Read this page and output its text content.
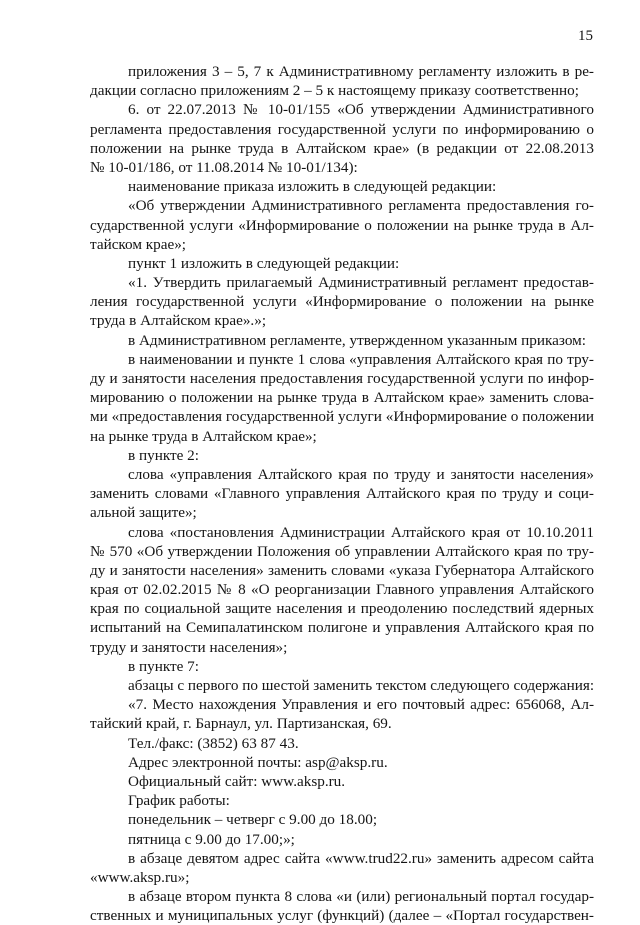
15
приложения 3 – 5, 7 к Административному регламенту изложить в ре-
дакции согласно приложениям 2 – 5 к настоящему приказу соответственно;
6. от 22.07.2013 № 10-01/155 «Об утверждении Административного
регламента предоставления государственной услуги по информированию о
положении на рынке труда в Алтайском крае» (в редакции от 22.08.2013
№ 10-01/186, от 11.08.2014 № 10-01/134):
наименование приказа изложить в следующей редакции:
«Об утверждении Административного регламента предоставления го-
сударственной услуги «Информирование о положении на рынке труда в Ал-
тайском крае»;
пункт 1 изложить в следующей редакции:
«1. Утвердить прилагаемый Административный регламент предостав-
ления государственной услуги «Информирование о положении на рынке
труда в Алтайском крае».»;
в Административном регламенте, утвержденном указанным приказом:
в наименовании и пункте 1 слова «управления Алтайского края по тру-
ду и занятости населения предоставления государственной услуги по инфор-
мированию о положении на рынке труда в Алтайском крае» заменить слова-
ми «предоставления государственной услуги «Информирование о положении
на рынке труда в Алтайском крае»;
в пункте 2:
слова «управления Алтайского края по труду и занятости населения»
заменить словами «Главного управления Алтайского края по труду и соци-
альной защите»;
слова «постановления Администрации Алтайского края от 10.10.2011
№ 570 «Об утверждении Положения об управлении Алтайского края по тру-
ду и занятости населения» заменить словами «указа Губернатора Алтайского
края от 02.02.2015 № 8 «О реорганизации Главного управления Алтайского
края по социальной защите населения и преодолению последствий ядерных
испытаний на Семипалатинском полигоне и управления Алтайского края по
труду и занятости населения»;
в пункте 7:
абзацы с первого по шестой заменить текстом следующего содержания:
«7. Место нахождения Управления и его почтовый адрес: 656068, Ал-
тайский край, г. Барнаул, ул. Партизанская, 69.
Тел./факс: (3852) 63 87 43.
Адрес электронной почты: asp@aksp.ru.
Официальный сайт: www.aksp.ru.
График работы:
понедельник – четверг с 9.00 до 18.00;
пятница с 9.00 до 17.00;»;
в абзаце девятом адрес сайта «www.trud22.ru» заменить адресом сайта
«www.aksp.ru»;
в абзаце втором пункта 8 слова «и (или) региональный портал государ-
ственных и муниципальных услуг (функций) (далее – «Портал государствен-
